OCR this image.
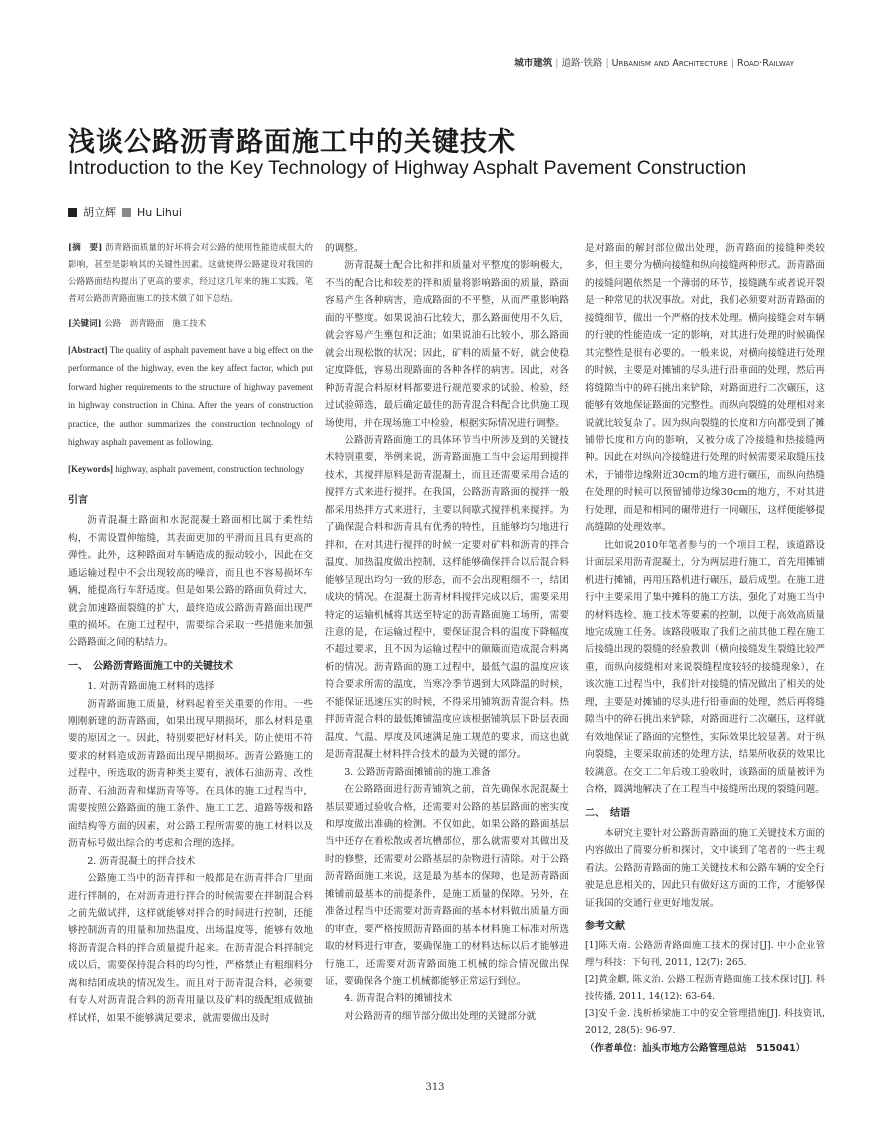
城市建筑 | 道路·铁路 | Urbanism and Architecture | Road·Railway
浅谈公路沥青路面施工中的关键技术
Introduction to the Key Technology of Highway Asphalt Pavement Construction
胡立辉 Hu Lihui

[摘　要] 沥青路面质量的好坏将会对公路的使用性能造成很大的影响，甚至是影响其的关键性因素。这就使得公路建设对我国的公路路面结构提出了更高的要求，经过这几年来的施工实践，笔者对公路沥青路面施工的技术做了如下总结。

[关键词] 公路　沥青路面　施工技术

[Abstract] The quality of asphalt pavement have a big effect on the performance of the highway, even the key affect factor, which put forward higher requirements to the structure of highway pavement in highway construction in China. After the years of construction practice, the author summarizes the construction technology of highway asphalt pavement as following.

[Keywords] highway, asphalt pavement, construction technology

引言

沥青混凝土路面和水泥混凝土路面相比属于柔性结构，不需设置伸缩缝，其表面更加的平滑而且具有更高的弹性。此外，这种路面对车辆造成的振动较小，因此在交通运输过程中不会出现较高的噪音，而且也不容易损坏车辆，能提高行车舒适度。但是如果公路的路面负荷过大，就会加速路面裂缝的扩大，最终造成公路沥青路面出现严重的损坏。在施工过程中，需要综合采取一些措施来加强公路路面之间的粘结力。

一、　公路沥青路面施工中的关键技术

1. 对沥青路面施工材料的选择

沥青路面施工质量，材料起着至关重要的作用。一些刚刚新建的沥青路面，如果出现早期损坏，那么材料是重要的原因之一。因此，特别要把好材料关，防止使用不符要求的材料造成沥青路面出现早期损坏。沥青公路施工的过程中，所选取的沥青种类主要有，液体石油沥青、改性沥青、石油沥青和煤沥青等等。在具体的施工过程当中，需要按照公路路面的施工条件、施工工艺、道路等级和路面结构等方面的因素，对公路工程所需要的施工材料以及沥青标号做出综合的考虑和合理的选择。

2. 沥青混凝土的拌合技术

公路施工当中的沥青拌和一般都是在沥青拌合厂里面进行拌制的，在对沥青进行拌合的时候需要在拌制混合料之前先做试拌，这样就能够对拌合的时间进行控制，还能够控制沥青的用量和加热温度、出场温度等，能够有效地将沥青混合料的拌合质量提升起来。在沥青混合料拌制完成以后，需要保持混合料的均匀性，严格禁止有粗细料分离和结团成块的情况发生。而且对于沥青混合料，必须要有专人对沥青混合料的沥青用量以及矿料的级配组成做抽样试样，如果不能够满足要求，就需要做出及时

的调整。

沥青混凝土配合比和拌和质量对平整度的影响极大，不当的配合比和较差的拌和质量将影响路面的质量，路面容易产生各种病害，造成路面的不平整，从而严重影响路面的平整度。如果说油石比较大，那么路面使用不久后，就会容易产生壅包和泛油；如果说油石比较小，那么路面就会出现松散的状况；因此，矿料的质量不好，就会使稳定度降低，容易出现路面的各种各样的病害。因此，对各种沥青混合料原材料都要进行规范要求的试验、检验，经过试验筛选，最后确定最佳的沥青混合料配合比供施工现场使用，并在现场施工中检验，根据实际情况进行调整。

公路沥青路面施工的具体环节当中所涉及到的关键技术特别重要，举例来说，沥青路面施工当中会运用到搅拌技术，其搅拌原料是沥青混凝土，而且还需要采用合适的搅拌方式来进行搅拌。在我国，公路沥青路面的搅拌一般都采用热拌方式来进行，主要以间歇式搅拌机来搅拌。为了确保混合料和沥青具有优秀的特性，且能够均匀地进行拌和，在对其进行搅拌的时候一定要对矿料和沥青的拌合温度、加热温度做出控制，这样能够确保拌合以后混合料能够呈现出均匀一致的形态，而不会出现粗细不一，结团成块的情况。在混凝土沥青材料搅拌完成以后，需要采用特定的运输机械将其送至特定的沥青路面施工场所，需要注意的是，在运输过程中，要保证混合料的温度下降幅度不超过要求，且不因为运输过程中的颠簸而造成混合料离析的情况。沥青路面的施工过程中，最低气温的温度应该符合要求所需的温度，当寒冷季节遇到大风降温的时候，不能保证迅速压实的时候，不得采用铺筑沥青混合料。热拌沥青混合料的最低摊铺温度应该根据铺筑层下卧层表面温度、气温、厚度及风速满足施工规范的要求，而这也就是沥青混凝土材料拌合技术的最为关键的部分。

3. 公路沥青路面摊铺前的施工准备

在公路路面进行沥青铺筑之前，首先确保水泥混凝土基层要通过验收合格，还需要对公路的基层路面的密实度和厚度做出准确的检测。不仅如此，如果公路的路面基层当中还存在着松散或者坑槽部位，那么就需要对其做出及时的修整，还需要对公路基层的杂物进行清除。对于公路沥青路面施工来说，这是最为基本的保障，也是沥青路面摊铺前最基本的前提条件，是施工质量的保障。另外，在准备过程当中还需要对沥青路面的基本材料做出质量方面的审查，要严格按照沥青路面的基本材料施工标准对所选取的材料进行审查，要确保施工的材料达标以后才能够进行施工，还需要对沥青路面施工机械的综合情况做出保证，要确保各个施工机械都能够正常运行到位。

4. 沥青混合料的摊铺技术

对公路沥青的细节部分做出处理的关键部分就

是对路面的解封部位做出处理，沥青路面的接缝种类较多，但主要分为横向接缝和纵向接缝两种形式。沥青路面的接缝问题依然是一个薄弱的环节，接缝跳车或者说开裂是一种常见的状况事故。对此，我们必须要对沥青路面的接缝细节，做出一个严格的技术处理。横向接缝会对车辆的行驶的性能造成一定的影响，对其进行处理的时候确保其完整性是很有必要的。一般来说，对横向接缝进行处理的时候，主要是对摊铺的尽头进行沿垂面的处理，然后再将缝隙当中的碎石挑出来铲除，对路面进行二次碾压，这能够有效地保证路面的完整性。而纵向裂缝的处理相对来说就比较复杂了。因为纵向裂缝的长度和方向都受到了摊铺带长度和方向的影响，又被分成了冷接缝和热接缝两种。因此在对纵向冷接缝进行处理的时候需要采取缝压技术，于铺带边缘附近30cm的地方进行碾压，而纵向热缝在处理的时候可以预留铺带边缘30cm的地方，不对其进行处理，而是和相同的碾带进行一同碾压，这样便能够提高缝隙的处理效率。

比如说2010年笔者参与的一个项目工程，该道路设计面层采用沥青混凝土，分为两层进行施工，首先用摊铺机进行摊铺，再用压路机进行碾压，最后成型。在施工进行中主要采用了集中摊料的施工方法，强化了对施工当中的材料选检、施工技术等要素的控制，以便于高效高质量地完成施工任务。该路段吸取了我们之前其他工程在施工后接缝出现的裂缝的经验教训（横向接缝发生裂缝比较严重，而纵向接缝相对来说裂缝程度较轻的接缝现象），在该次施工过程当中，我们针对接缝的情况做出了相关的处理，主要是对摊铺的尽头进行铅垂面的处理，然后再将缝隙当中的碎石挑出来铲除，对路面进行二次碾压，这样就有效地保证了路面的完整性，实际效果比较显著。对于纵向裂缝，主要采取前述的处理方法，结果所收获的效果比较满意。在交工二年后竣工验收时，该路面的质量被评为合格，圆满地解决了在工程当中接缝所出现的裂缝问题。

二、　结语

本研究主要针对公路沥青路面的施工关键技术方面的内容做出了简要分析和探讨，文中谈到了笔者的一些主观看法。公路沥青路面的施工关键技术和公路车辆的安全行驶是息息相关的，因此只有做好这方面的工作，才能够保证我国的交通行业更好地发展。

参考文献

[1]陈天南. 公路沥青路面施工技术的探讨[J]. 中小企业管理与科技：下旬刊, 2011, 12(7): 265.

[2]黄金麒, 陈义治. 公路工程沥青路面施工技术探讨[J]. 科技传播, 2011, 14(12): 63-64.

[3]安千金. 浅析桥梁施工中的安全管理措施[J]. 科技资讯, 2012, 28(5): 96-97.

（作者单位：汕头市地方公路管理总站　515041）

313
